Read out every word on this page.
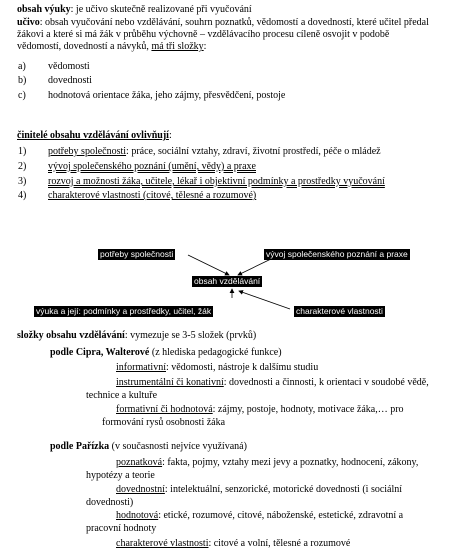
obsah výuky: je učivo skutečně realizované při vyučování
učivo: obsah vyučování nebo vzdělávání, souhrn poznatků, vědomostí a dovedností, které učitel předal
žákovi a které si má žák v průběhu výchovně – vzdělávacího procesu cíleně osvojit v podobě
vědomostí, dovedností a návyků, má tři složky:
a) vědomosti
b) dovednosti
c) hodnotová orientace žáka, jeho zájmy, přesvědčení, postoje
činitelé obsahu vzdělávání ovlivňují:
1) potřeby společnosti: práce, sociální vztahy, zdraví, životní prostředí, péče o mládež
2) vývoj společenského poznání (umění, vědy) a praxe
3) rozvoj a možnosti žáka, učitele, lékař i objektivní podmínky a prostředky vyučování
4) charakterové vlastnosti (citové, tělesné a rozumové)
potřeby společnosti	vývoj společenského poznání a praxe
obsah vzdělávání
výuka a její: podmínky a prostředky, učitel, žák	charakterové vlastnosti
složky obsahu vzdělávání: vymezuje se 3-5 složek (prvků)
podle Cipra, Walterové (z hlediska pedagogické funkce)
informativní: vědomosti, nástroje k dalšímu studiu
instrumentální či konativní: dovednosti a činnosti, k orientaci v soudobé vědě,
technice a kultuře
formativní či hodnotová: zájmy, postoje, hodnoty, motivace žáka,… pro
formování rysů osobnosti žáka
podle Pařízka (v současnosti nejvíce využívaná)
poznatková: fakta, pojmy, vztahy mezi jevy a poznatky, hodnocení, zákony,
hypotézy a teorie
dovednostní: intelektuální, senzorické, motorické dovednosti (i sociální
dovednosti)
hodnotová: etické, rozumové, citové, náboženské, estetické, zdravotní a
pracovní hodnoty
charakterové vlastnosti: citové a volní, tělesné a rozumové
